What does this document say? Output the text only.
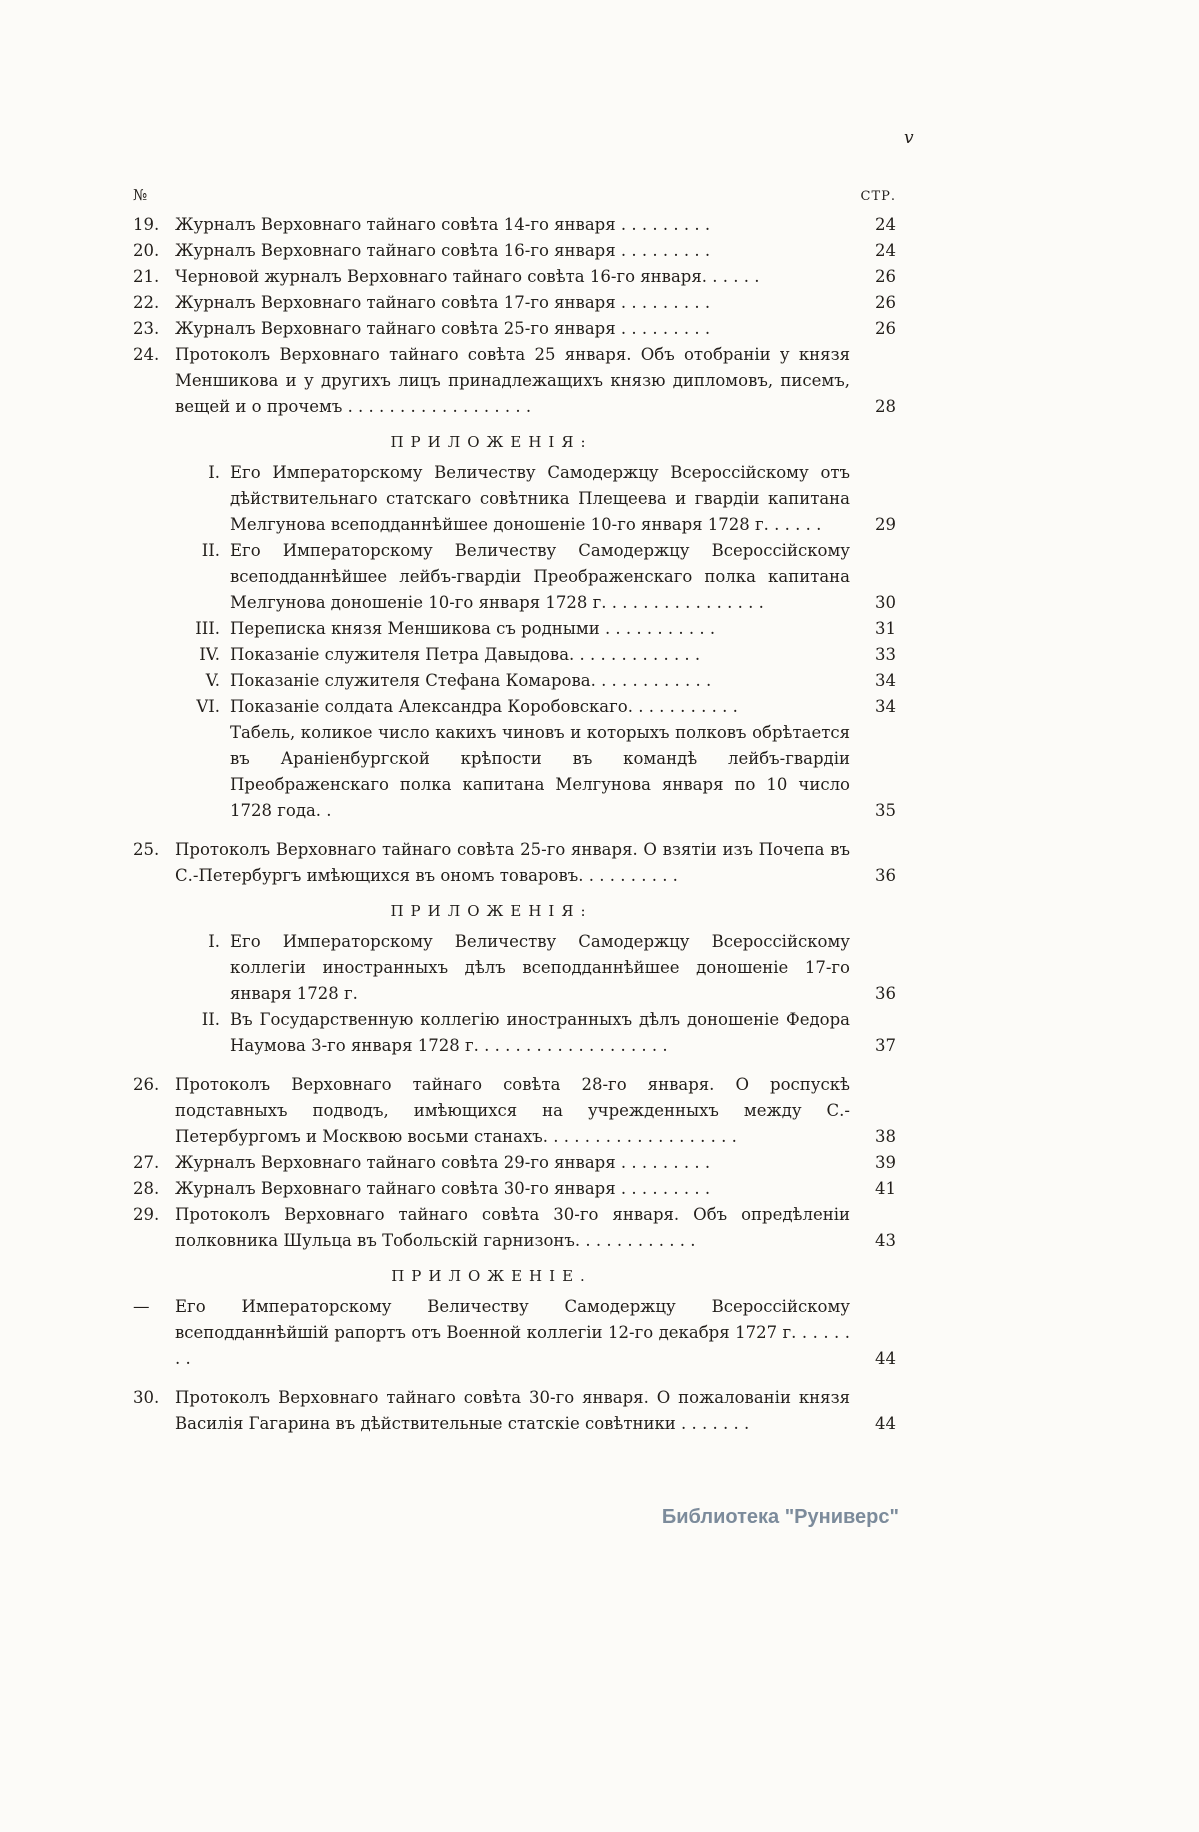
v
№	СТР.
19. Журналъ Верховнаго тайнаго совѣта 14-го января . . . . . . . . .	24
20. Журналъ Верховнаго тайнаго совѣта 16-го января . . . . . . . . .	24
21. Черновой журналъ Верховнаго тайнаго совѣта 16-го января. . . . . .	26
22. Журналъ Верховнаго тайнаго совѣта 17-го января . . . . . . . . .	26
23. Журналъ Верховнаго тайнаго совѣта 25-го января . . . . . . . . .	26
24. Протоколъ Верховнаго тайнаго совѣта 25 января. Объ отобраніи у князя Меншикова и у другихъ лицъ принадлежащихъ князю дипломовъ, писемъ, вещей и о прочемъ . . . . . . . . . . . . . . . . . .	28
ПРИЛОЖЕНІЯ:
I. Его Императорскому Величеству Самодержцу Всероссійскому отъ дѣйствительнаго статскаго совѣтника Плещеева и гвардіи капитана Мелгунова всеподданнѣйшее доношеніе 10-го января 1728 г. . . . . .	29
II. Его Императорскому Величеству Самодержцу Всероссійскому всеподданнѣйшее лейбъ-гвардіи Преображенскаго полка капитана Мелгунова доношеніе 10-го января 1728 г. . . . . . . . . . . . . . . .	30
III. Переписка князя Меншикова съ родными . . . . . . . . . . .	31
IV. Показаніе служителя Петра Давыдова. . . . . . . . . . . . .	33
V. Показаніе служителя Стефана Комарова. . . . . . . . . . . .	34
VI. Показаніе солдата Александра Коробовскаго. . . . . . . . . . .	34
Табель, коликое число какихъ чиновъ и которыхъ полковъ обрѣтается въ Араніенбургской крѣпости въ командѣ лейбъ-гвардіи Преображенскаго полка капитана Мелгунова января по 10 число 1728 года. .	35
25. Протоколъ Верховнаго тайнаго совѣта 25-го января. О взятіи изъ Почепа въ С.-Петербургъ имѣющихся въ ономъ товаровъ. . . . . . . . . .	36
ПРИЛОЖЕНІЯ:
I. Его Императорскому Величеству Самодержцу Всероссійскому коллегіи иностранныхъ дѣлъ всеподданнѣйшее доношеніе 17-го января 1728 г.	36
II. Въ Государственную коллегію иностранныхъ дѣлъ доношеніе Федора Наумова 3-го января 1728 г. . . . . . . . . . . . . . . . . . .	37
26. Протоколъ Верховнаго тайнаго совѣта 28-го января. О роспускѣ подставныхъ подводъ, имѣющихся на учрежденныхъ между С.-Петербургомъ и Москвою восьми станахъ. . . . . . . . . . . . . . . . . . .	38
27. Журналъ Верховнаго тайнаго совѣта 29-го января . . . . . . . . .	39
28. Журналъ Верховнаго тайнаго совѣта 30-го января . . . . . . . . .	41
29. Протоколъ Верховнаго тайнаго совѣта 30-го января. Объ опредѣленіи полковника Шульца въ Тобольскій гарнизонъ. . . . . . . . . . . .	43
ПРИЛОЖЕНІЕ.
—	Его Императорскому Величеству Самодержцу Всероссійскому всеподданнѣйшій рапортъ отъ Военной коллегіи 12-го декабря 1727 г. . . . . . . .	44
30. Протоколъ Верховнаго тайнаго совѣта 30-го января. О пожалованіи князя Василія Гагарина въ дѣйствительные статскіе совѣтники . . . . . . .	44
Библиотека "Руниверс"
